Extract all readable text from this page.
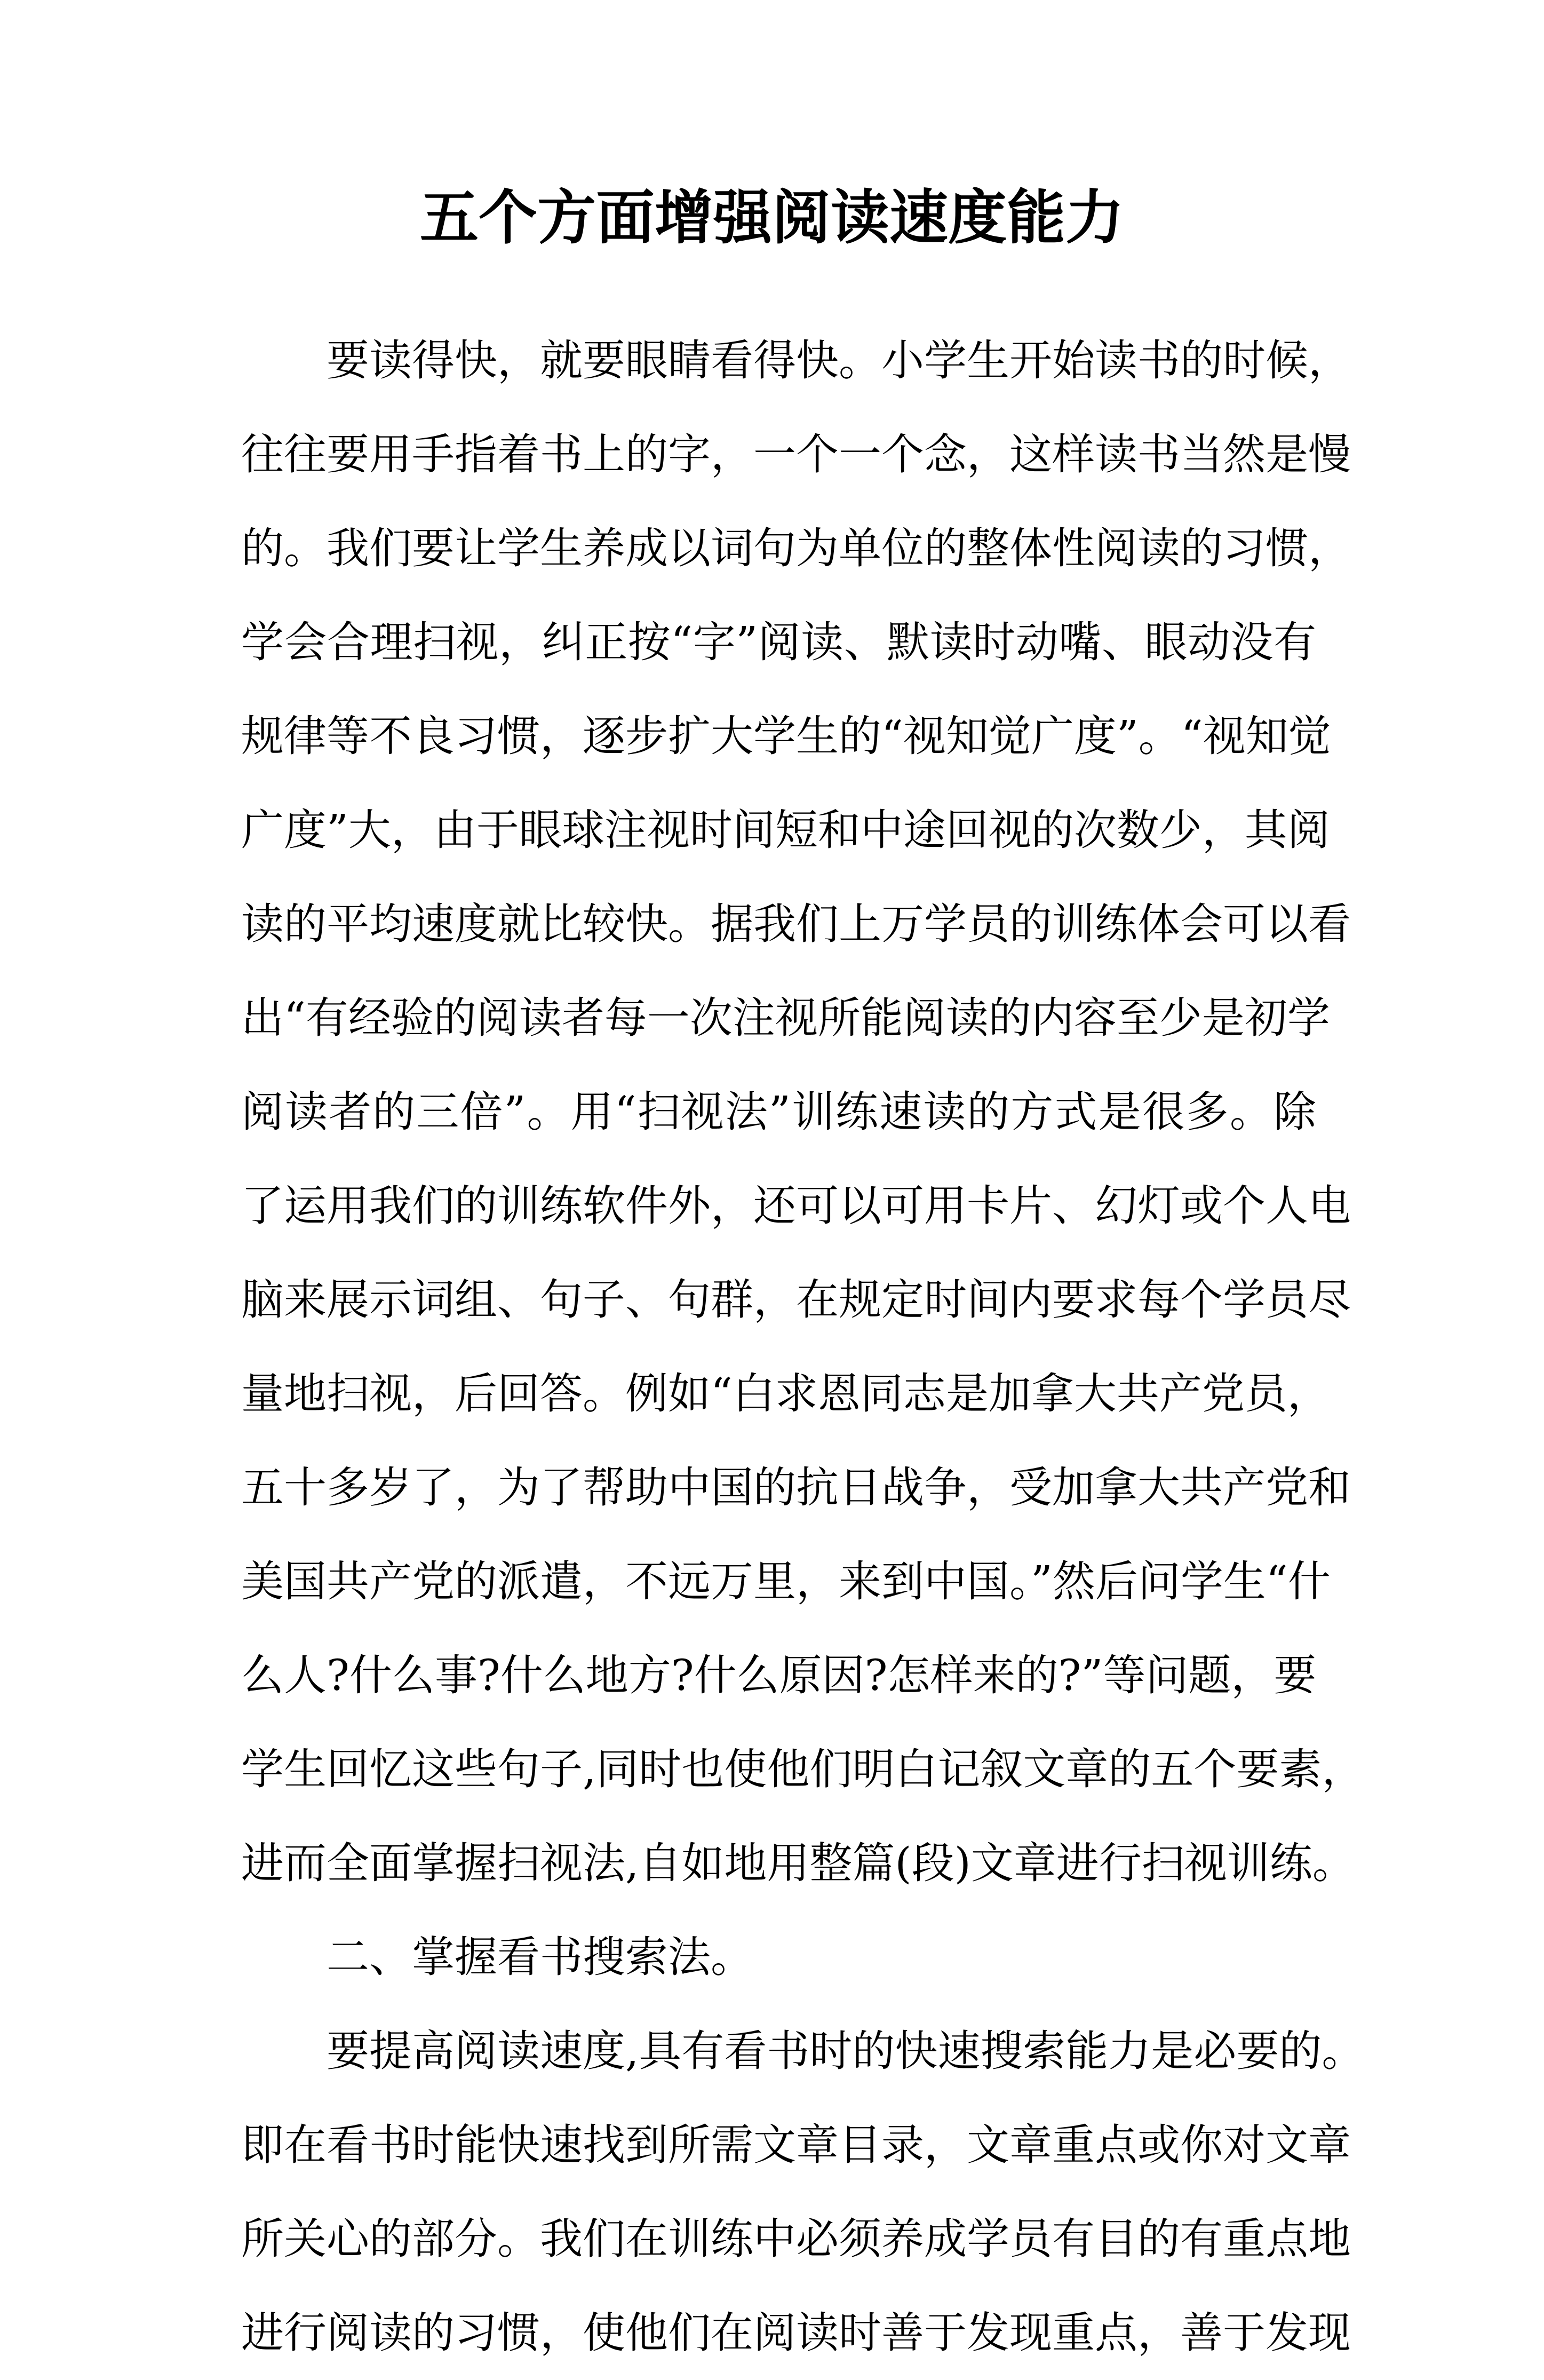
五个方面增强阅读速度能力
要读得快，就要眼睛看得快。小学生开始读书的时候，
往往要用手指着书上的字，一个一个念，这样读书当然是慢
的。我们要让学生养成以词句为单位的整体性阅读的习惯，
学会合理扫视，纠正按“字”阅读、默读时动嘴、眼动没有
规律等不良习惯，逐步扩大学生的“视知觉广度”。“视知觉
广度”大，由于眼球注视时间短和中途回视的次数少，其阅
读的平均速度就比较快。据我们上万学员的训练体会可以看
出“有经验的阅读者每一次注视所能阅读的内容至少是初学
阅读者的三倍”。用“扫视法”训练速读的方式是很多。除
了运用我们的训练软件外，还可以可用卡片、幻灯或个人电
脑来展示词组、句子、句群，在规定时间内要求每个学员尽
量地扫视，后回答。例如“白求恩同志是加拿大共产党员，
五十多岁了，为了帮助中国的抗日战争，受加拿大共产党和
美国共产党的派遣，不远万里，来到中国。”然后问学生“什
么人?什么事?什么地方?什么原因?怎样来的?”等问题，要
学生回忆这些句子,同时也使他们明白记叙文章的五个要素，
进而全面掌握扫视法,自如地用整篇(段)文章进行扫视训练。
二、掌握看书搜索法。
要提高阅读速度,具有看书时的快速搜索能力是必要的。
即在看书时能快速找到所需文章目录，文章重点或你对文章
所关心的部分。我们在训练中必须养成学员有目的有重点地
进行阅读的习惯，使他们在阅读时善于发现重点，善于发现
